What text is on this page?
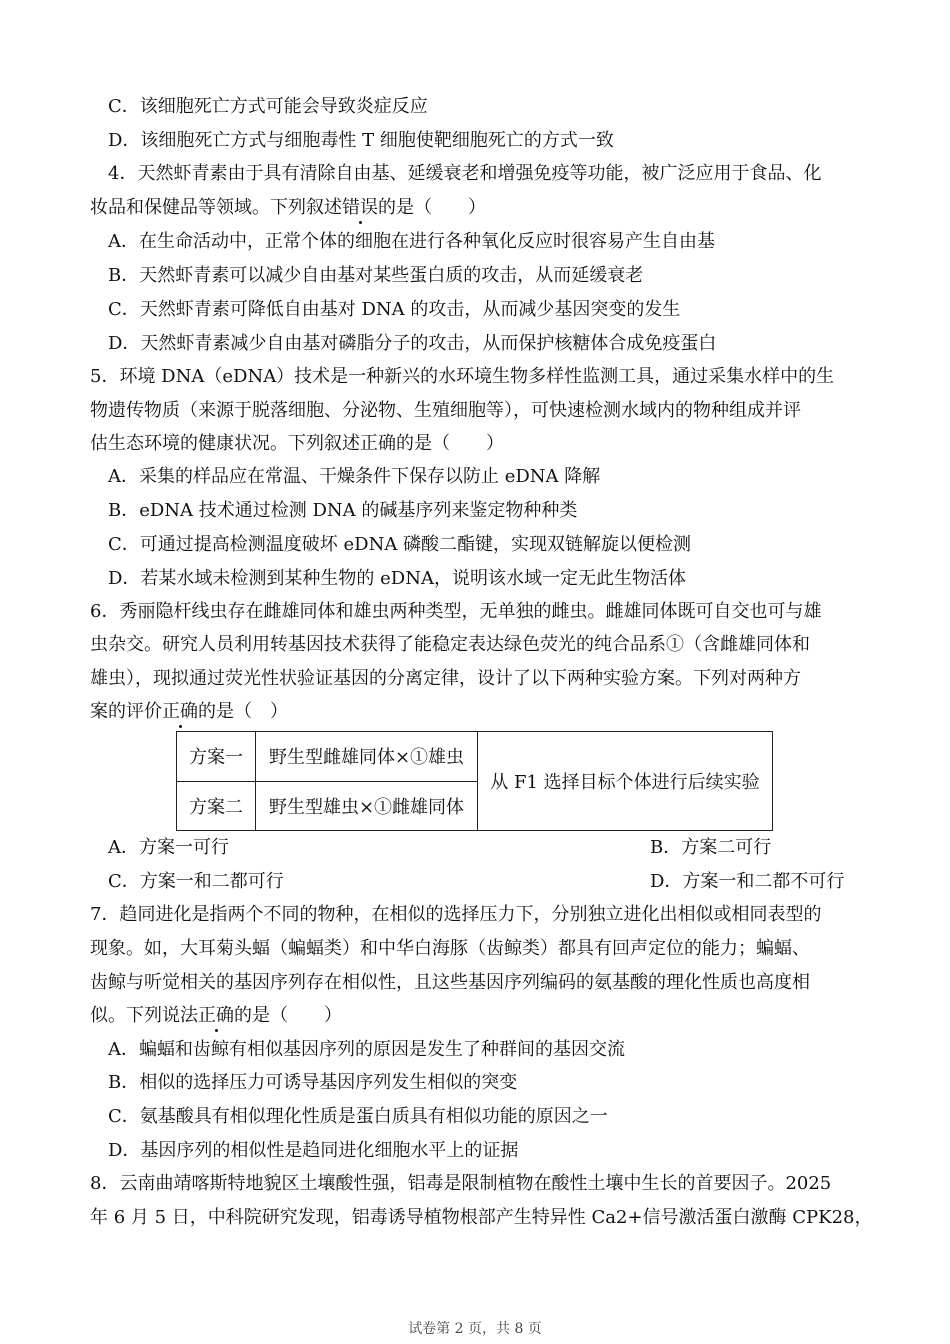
C．该细胞死亡方式可能会导致炎症反应
D．该细胞死亡方式与细胞毒性 T 细胞使靶细胞死亡的方式一致
4．天然虾青素由于具有清除自由基、延缓衰老和增强免疫等功能，被广泛应用于食品、化
妆品和保健品等领域。下列叙述错误的是（　　）
A．在生命活动中，正常个体的细胞在进行各种氧化反应时很容易产生自由基
B．天然虾青素可以减少自由基对某些蛋白质的攻击，从而延缓衰老
C．天然虾青素可降低自由基对 DNA 的攻击，从而减少基因突变的发生
D．天然虾青素减少自由基对磷脂分子的攻击，从而保护核糖体合成免疫蛋白
5．环境 DNA（eDNA）技术是一种新兴的水环境生物多样性监测工具，通过采集水样中的生
物遗传物质（来源于脱落细胞、分泌物、生殖细胞等），可快速检测水域内的物种组成并评
估生态环境的健康状况。下列叙述正确的是（　　）
A．采集的样品应在常温、干燥条件下保存以防止 eDNA 降解
B．eDNA 技术通过检测 DNA 的碱基序列来鉴定物种种类
C．可通过提高检测温度破坏 eDNA 磷酸二酯键，实现双链解旋以便检测
D．若某水域未检测到某种生物的 eDNA，说明该水域一定无此生物活体
6．秀丽隐杆线虫存在雌雄同体和雄虫两种类型，无单独的雌虫。雌雄同体既可自交也可与雄
虫杂交。研究人员利用转基因技术获得了能稳定表达绿色荧光的纯合品系①（含雌雄同体和
雄虫），现拟通过荧光性状验证基因的分离定律，设计了以下两种实验方案。下列对两种方
案的评价正确的是（　）
方案一	野生型雌雄同体×①雄虫	从 F1 选择目标个体进行后续实验
方案二	野生型雄虫×①雌雄同体	
A．方案一可行	B．方案二可行
C．方案一和二都可行	D．方案一和二都不可行
7．趋同进化是指两个不同的物种，在相似的选择压力下，分别独立进化出相似或相同表型的
现象。如，大耳菊头蝠（蝙蝠类）和中华白海豚（齿鲸类）都具有回声定位的能力；蝙蝠、
齿鲸与听觉相关的基因序列存在相似性，且这些基因序列编码的氨基酸的理化性质也高度相
似。下列说法正确的是（　　）
A．蝙蝠和齿鲸有相似基因序列的原因是发生了种群间的基因交流
B．相似的选择压力可诱导基因序列发生相似的突变
C．氨基酸具有相似理化性质是蛋白质具有相似功能的原因之一
D．基因序列的相似性是趋同进化细胞水平上的证据
8．云南曲靖喀斯特地貌区土壤酸性强，铝毒是限制植物在酸性土壤中生长的首要因子。2025
年 6 月 5 日，中科院研究发现，铝毒诱导植物根部产生特异性 Ca2+信号激活蛋白激酶 CPK28，
试卷第 2 页，共 8 页
